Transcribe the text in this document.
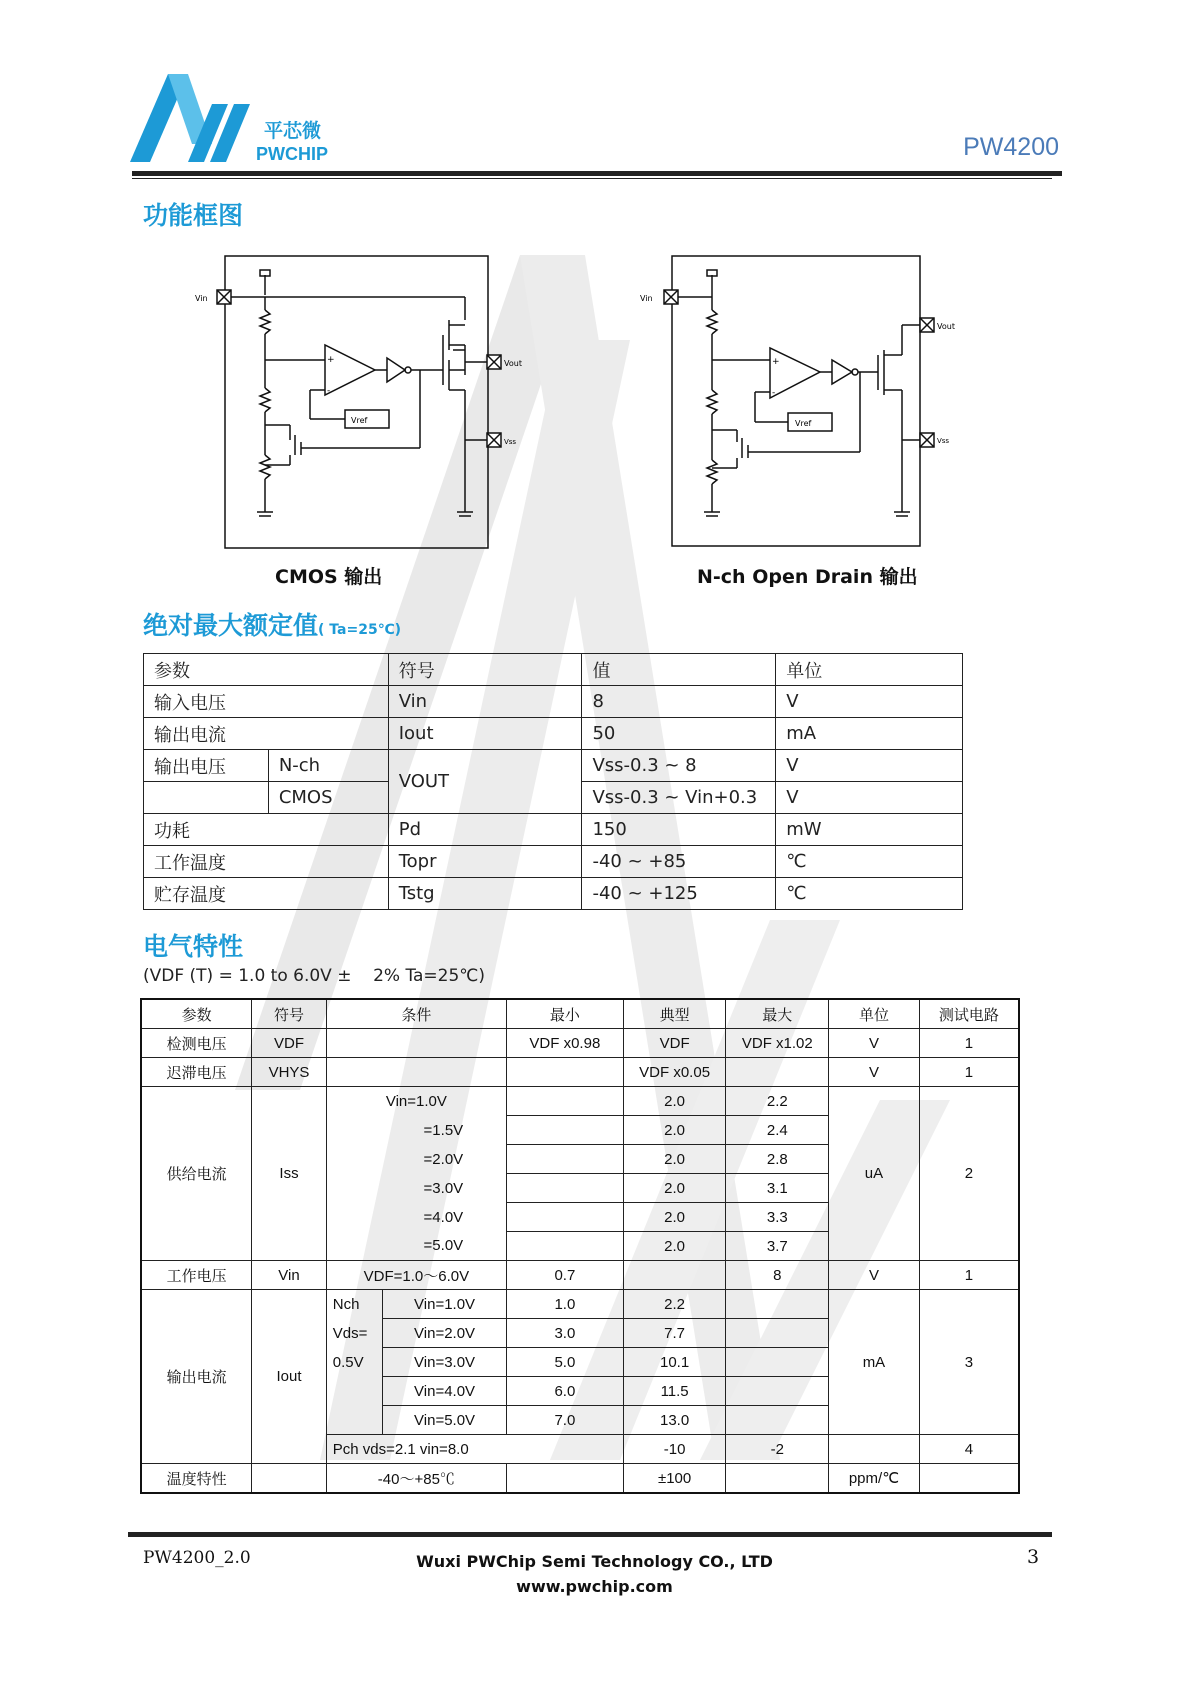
平芯微
PWCHIP	PW4200
功能框图
Vin
Vout
Vss
Vref
+
-
CMOS 输出
Vin
Vout
Vss
Vref
+
-
N-ch Open Drain 输出
绝对最大额定值( Ta=25℃)
参数		符号	值	单位
输入电压		Vin	8	V
输出电流		Iout	50	mA
输出电压	N-ch	VOUT	Vss-0.3 ~ 8	V
	CMOS		Vss-0.3 ~ Vin+0.3	V
功耗		Pd	150	mW
工作温度		Topr	-40 ~ +85	℃
贮存温度		Tstg	-40 ~ +125	℃
电气特性
(VDF (T) = 1.0 to 6.0V ±    2% Ta=25℃)
参数	符号	条件		最小	典型	最大	单位	测试电路
检测电压	VDF			VDF x0.98	VDF	VDF x1.02	V	1
迟滞电压	VHYS				VDF x0.05		V	1
供给电流	Iss	Vin=1.0V			2.0	2.2	uA	2
		=1.5V			2.0	2.4		
		=2.0V			2.0	2.8		
		=3.0V			2.0	3.1		
		=4.0V			2.0	3.3		
		=5.0V			2.0	3.7		
工作电压	Vin	VDF=1.0～6.0V		0.7		8	V	1
输出电流	Iout	Nch	Vin=1.0V	1.0	2.2		mA	3
		Vds=	Vin=2.0V	3.0	7.7			
		0.5V	Vin=3.0V	5.0	10.1			
			Vin=4.0V	6.0	11.5			
			Vin=5.0V	7.0	13.0			
		Pch vds=2.1 vin=8.0			-10	-2		4
温度特性		-40～+85℃			±100		ppm/℃	
PW4200_2.0	Wuxi PWChip Semi Technology CO., LTD
www.pwchip.com
3
